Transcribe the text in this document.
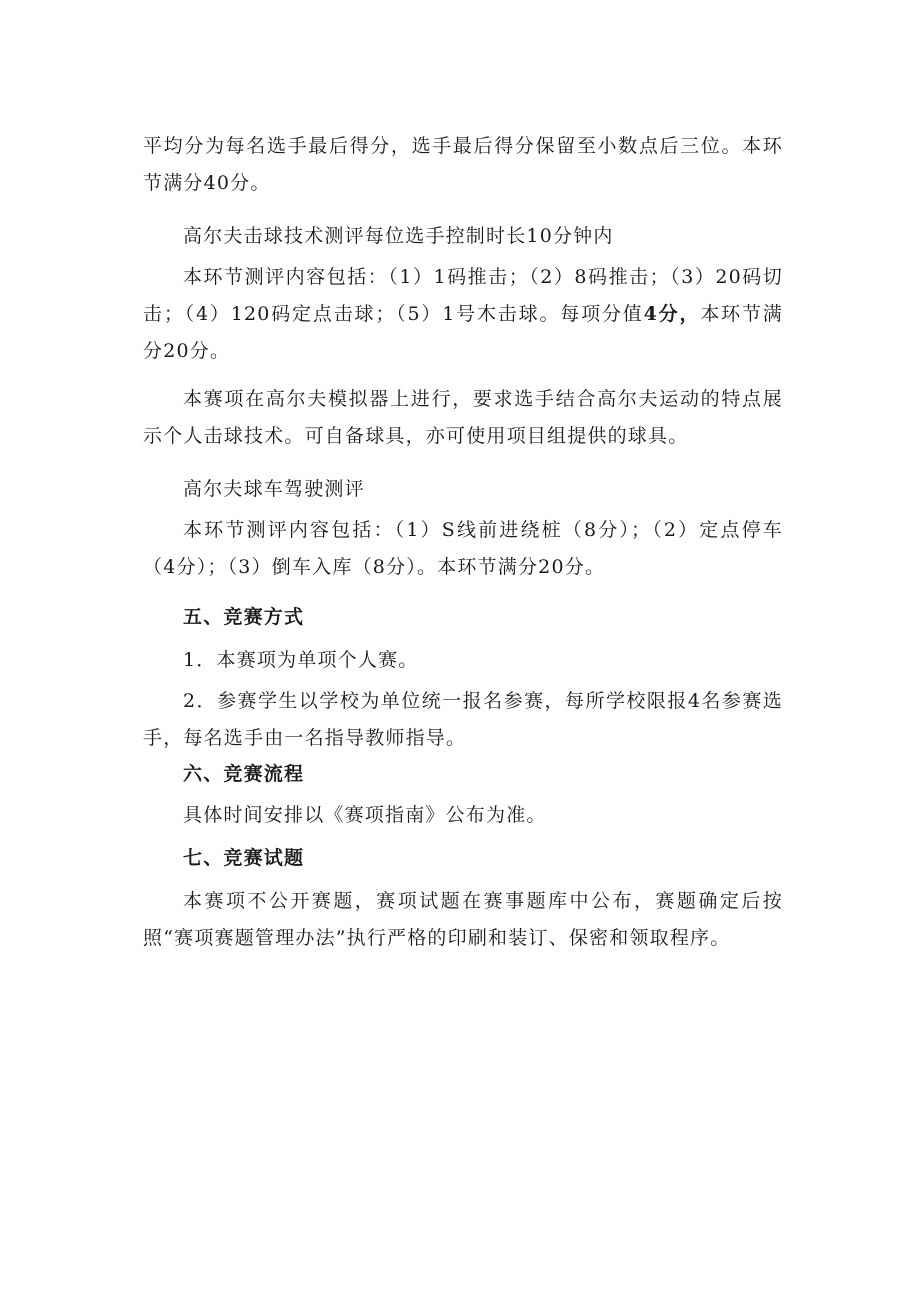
平均分为每名选手最后得分，选手最后得分保留至小数点后三位。本环节满分40分。

高尔夫击球技术测评每位选手控制时长10分钟内

本环节测评内容包括：（1）1码推击；（2）8码推击；（3）20码切击；（4）120码定点击球；（5）1号木击球。每项分值4分，本环节满分20分。

本赛项在高尔夫模拟器上进行，要求选手结合高尔夫运动的特点展示个人击球技术。可自备球具，亦可使用项目组提供的球具。

高尔夫球车驾驶测评

本环节测评内容包括：（1）S线前进绕桩（8分）；（2）定点停车（4分）；（3）倒车入库（8分）。本环节满分20分。

五、竞赛方式

1．本赛项为单项个人赛。

2．参赛学生以学校为单位统一报名参赛，每所学校限报4名参赛选手，每名选手由一名指导教师指导。

六、竞赛流程

具体时间安排以《赛项指南》公布为准。

七、竞赛试题

本赛项不公开赛题，赛项试题在赛事题库中公布，赛题确定后按照“赛项赛题管理办法”执行严格的印刷和装订、保密和领取程序。
